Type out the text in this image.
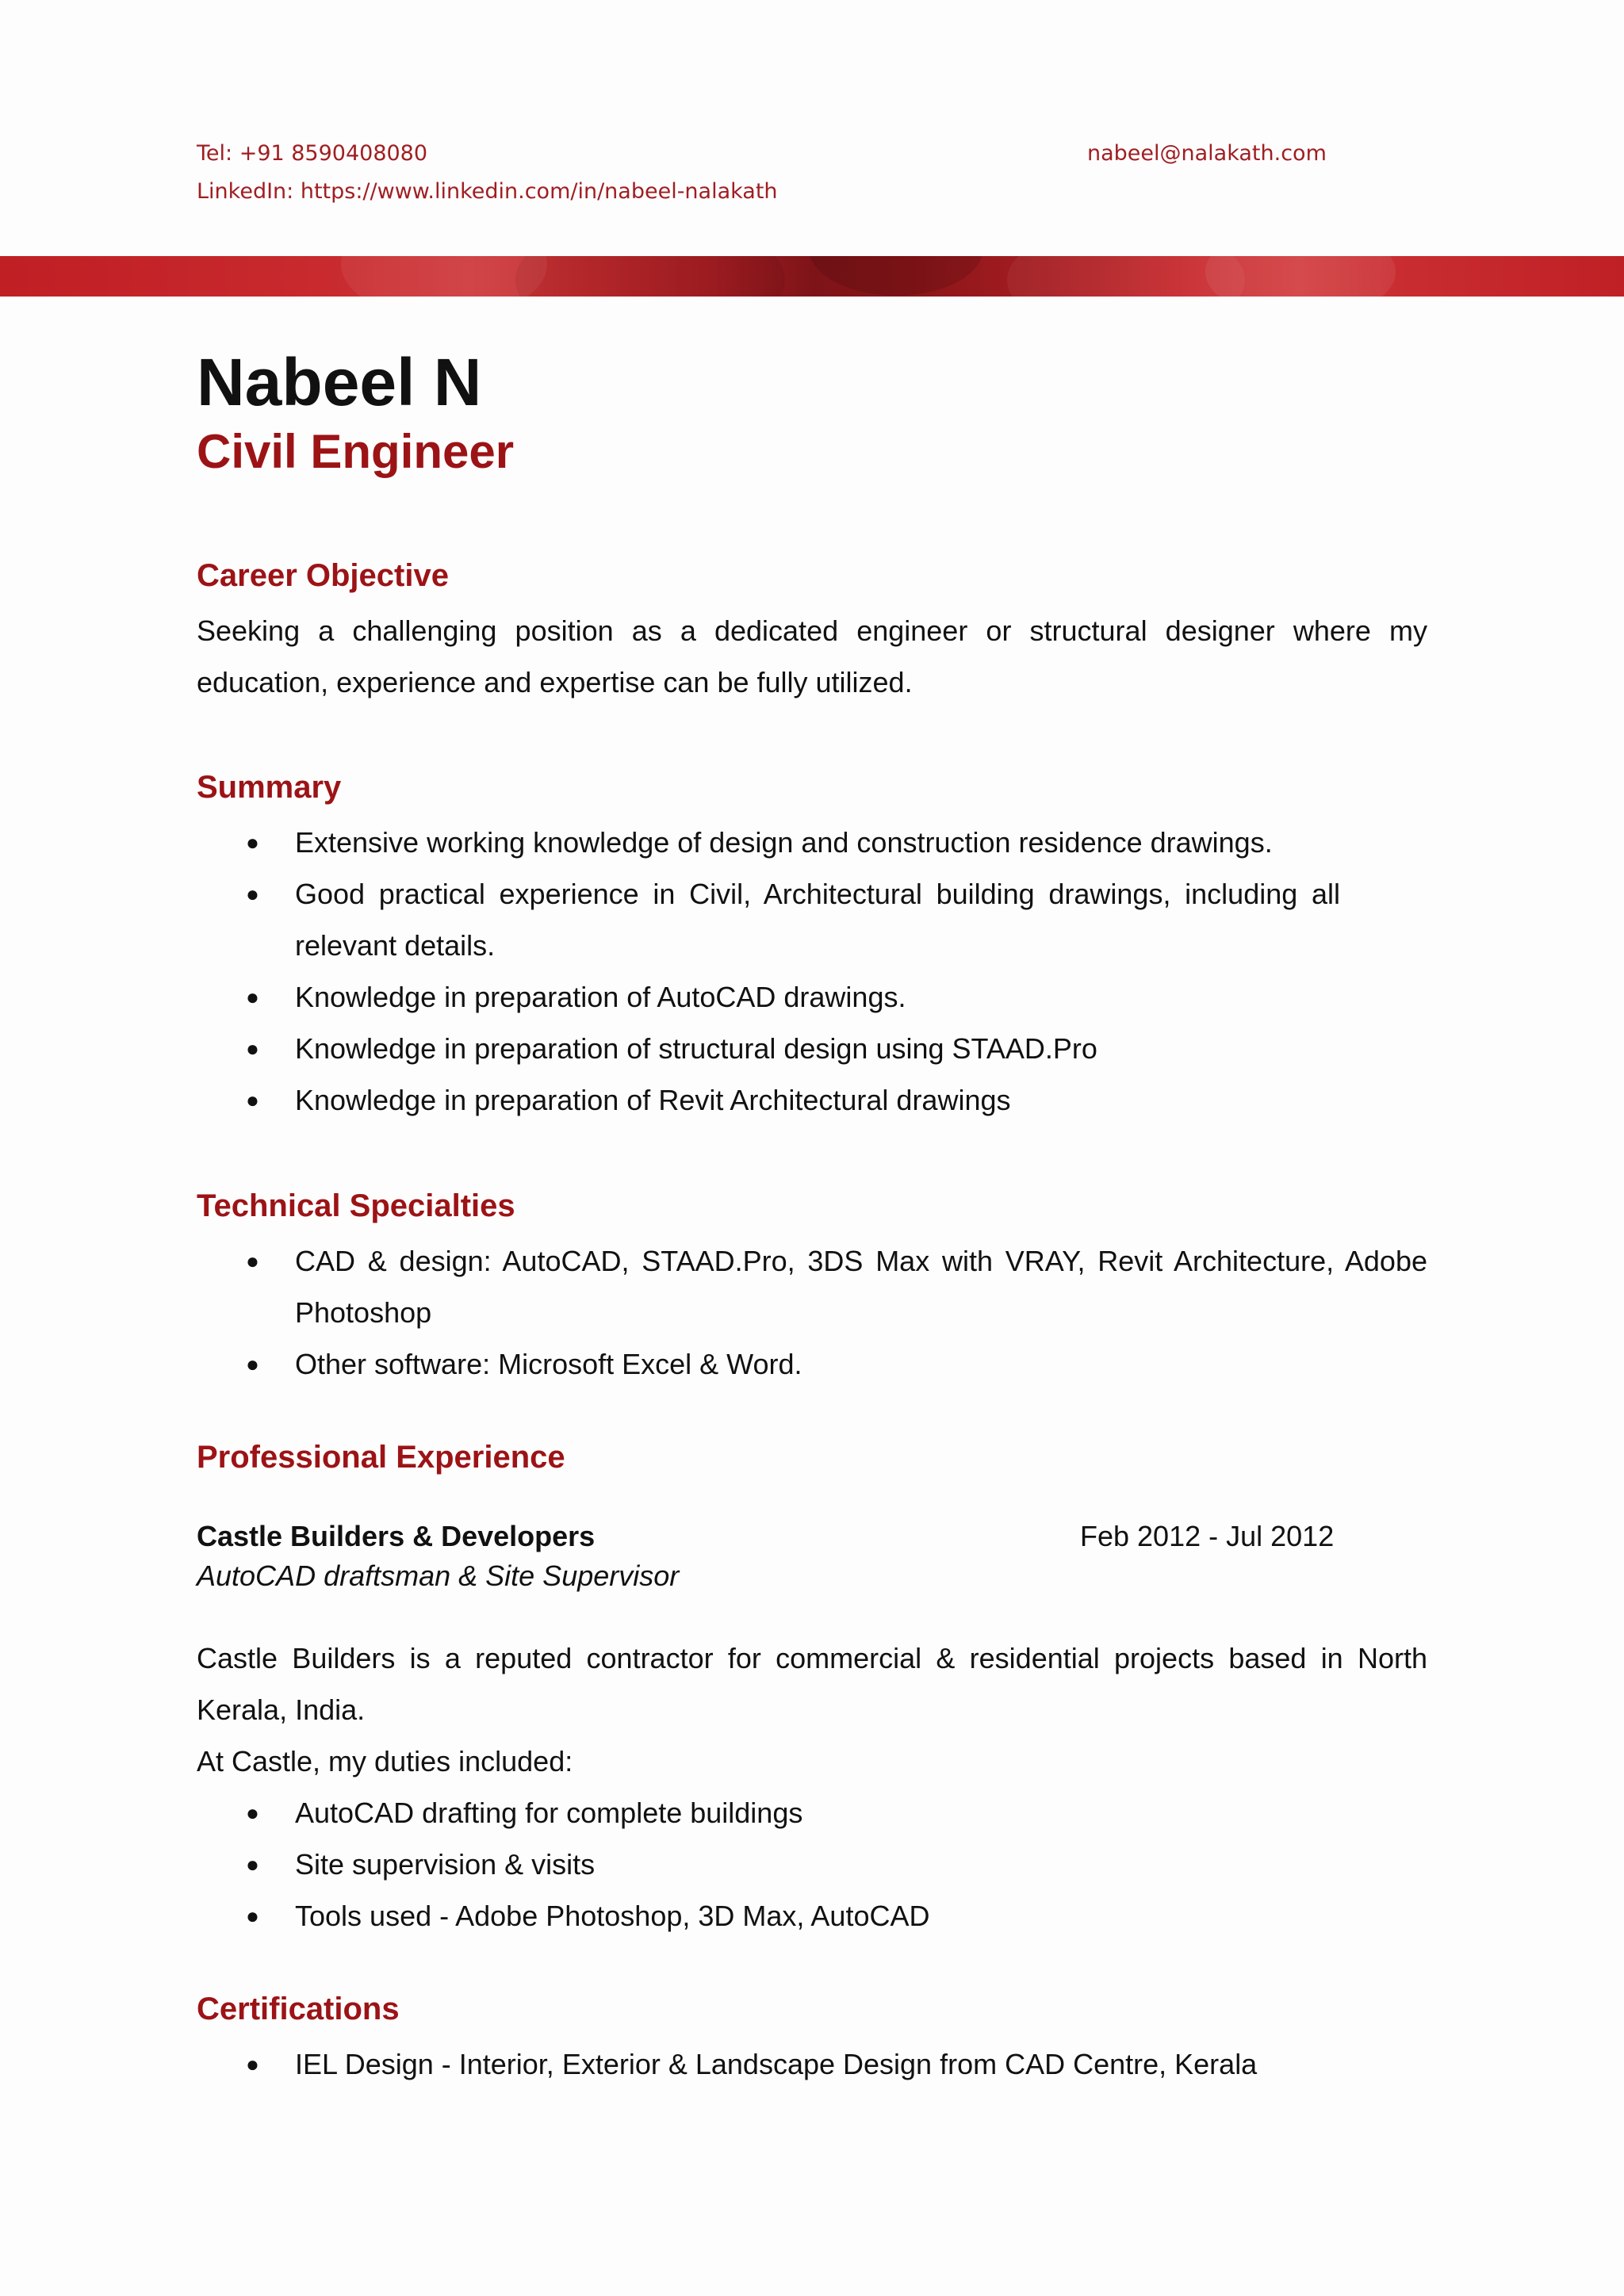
Tel: +91 8590408080	nabeel@nalakath.com
LinkedIn: https://www.linkedin.com/in/nabeel-nalakath
Nabeel N
Civil Engineer
Career Objective

Seeking a challenging position as a dedicated engineer or structural designer where my education, experience and expertise can be fully utilized.

Summary
● Extensive working knowledge of design and construction residence drawings.
● Good practical experience in Civil, Architectural building drawings, including all relevant details.
● Knowledge in preparation of AutoCAD drawings.
● Knowledge in preparation of structural design using STAAD.Pro
● Knowledge in preparation of Revit Architectural drawings
Technical Specialties
● CAD & design: AutoCAD, STAAD.Pro, 3DS Max with VRAY, Revit Architecture, Adobe Photoshop
● Other software: Microsoft Excel & Word.
Professional Experience
Castle Builders & Developers	Feb 2012 - Jul 2012
AutoCAD draftsman & Site Supervisor

Castle Builders is a reputed contractor for commercial & residential projects based in North Kerala, India.

At Castle, my duties included:

● AutoCAD drafting for complete buildings
● Site supervision & visits
● Tools used - Adobe Photoshop, 3D Max, AutoCAD
Certifications
● IEL Design - Interior, Exterior & Landscape Design from CAD Centre, Kerala
